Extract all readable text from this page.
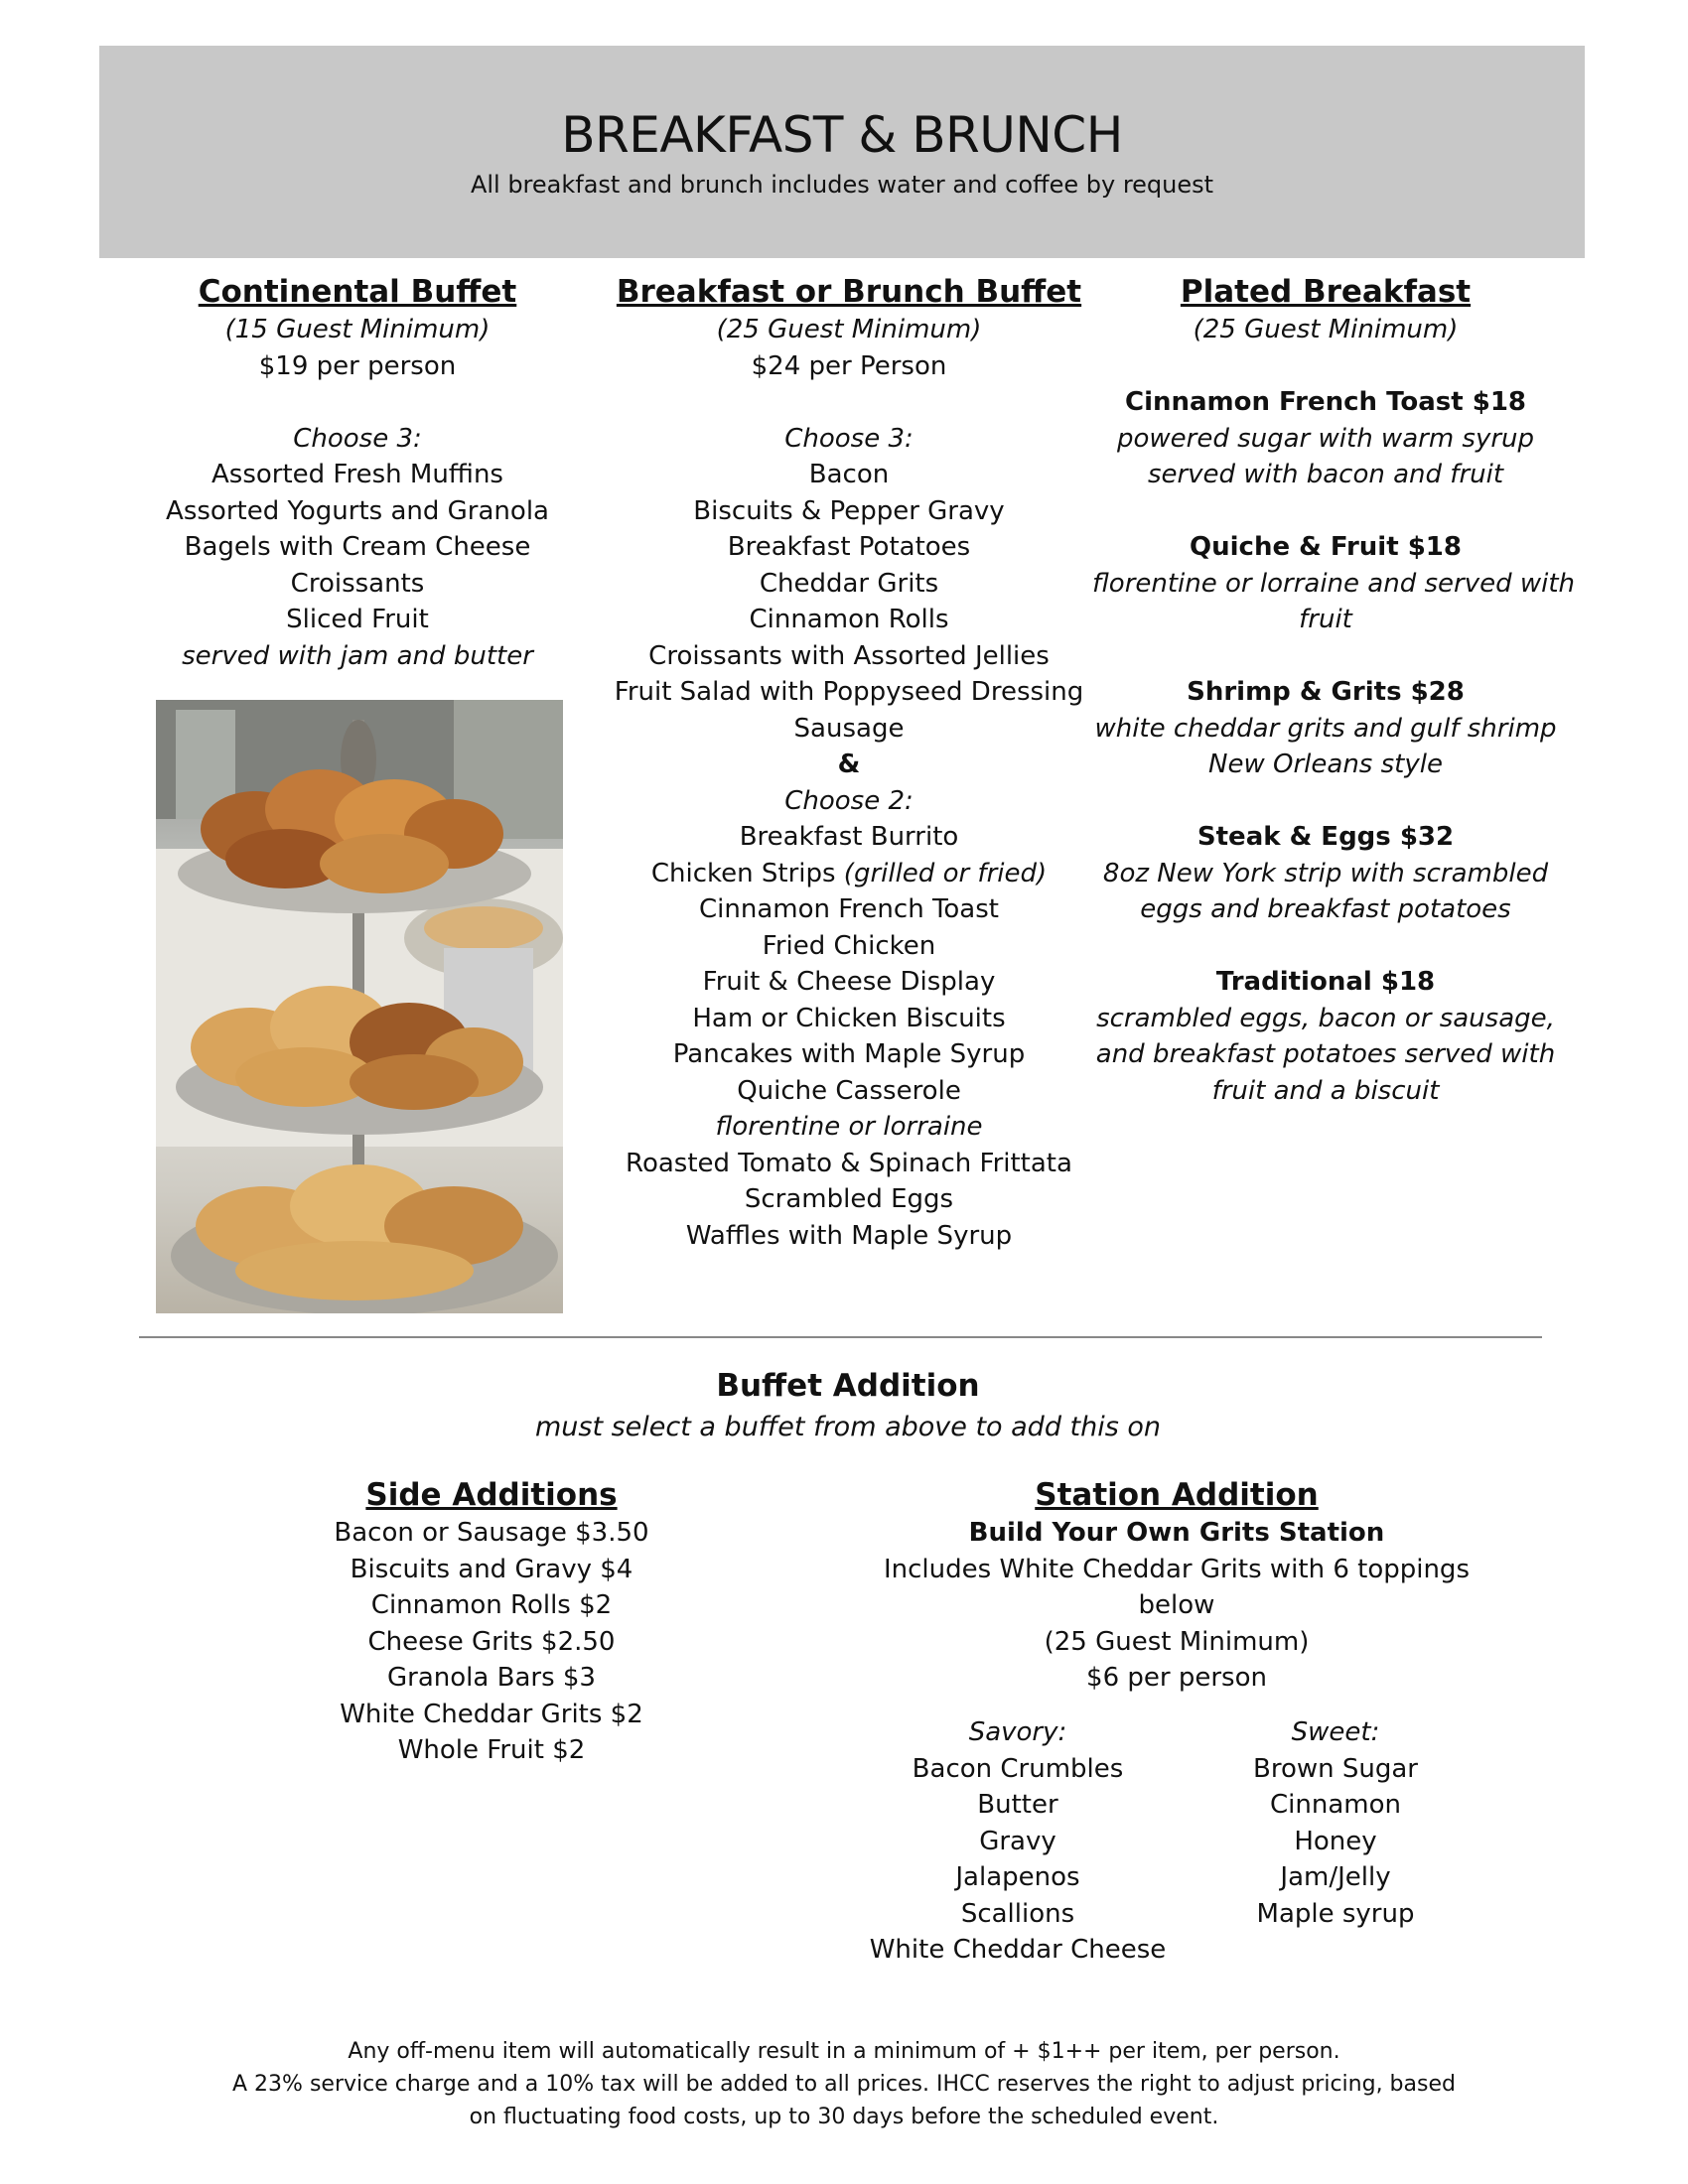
BREAKFAST & BRUNCH
All breakfast and brunch includes water and coffee by request
Continental Buffet
(15 Guest Minimum)
$19 per person
Choose 3:
Assorted Fresh Muffins
Assorted Yogurts and Granola
Bagels with Cream Cheese
Croissants
Sliced Fruit
served with jam and butter
Breakfast or Brunch Buffet
(25 Guest Minimum)
$24 per Person
Choose 3:
Bacon
Biscuits & Pepper Gravy
Breakfast Potatoes
Cheddar Grits
Cinnamon Rolls
Croissants with Assorted Jellies
Fruit Salad with Poppyseed Dressing
Sausage
&
Choose 2:
Breakfast Burrito
Chicken Strips (grilled or fried)
Cinnamon French Toast
Fried Chicken
Fruit & Cheese Display
Ham or Chicken Biscuits
Pancakes with Maple Syrup
Quiche Casserole
florentine or lorraine
Roasted Tomato & Spinach Frittata
Scrambled Eggs
Waffles with Maple Syrup
Plated Breakfast
(25 Guest Minimum)
Cinnamon French Toast $18
powered sugar with warm syrup
served with bacon and fruit
Quiche & Fruit $18
florentine or lorraine and served with
fruit
Shrimp & Grits $28
white cheddar grits and gulf shrimp
New Orleans style
Steak & Eggs $32
8oz New York strip with scrambled
eggs and breakfast potatoes
Traditional $18
scrambled eggs, bacon or sausage,
and breakfast potatoes served with
fruit and a biscuit
Buffet Addition
must select a buffet from above to add this on
Side Additions
Bacon or Sausage $3.50
Biscuits and Gravy $4
Cinnamon Rolls $2
Cheese Grits $2.50
Granola Bars $3
White Cheddar Grits $2
Whole Fruit $2
Station Addition
Build Your Own Grits Station
Includes White Cheddar Grits with 6 toppings
below
(25 Guest Minimum)
$6 per person
Savory:
Bacon Crumbles
Butter
Gravy
Jalapenos
Scallions
White Cheddar Cheese
Sweet:
Brown Sugar
Cinnamon
Honey
Jam/Jelly
Maple syrup
Any off-menu item will automatically result in a minimum of + $1++ per item, per person.
A 23% service charge and a 10% tax will be added to all prices. IHCC reserves the right to adjust pricing, based
on fluctuating food costs, up to 30 days before the scheduled event.
